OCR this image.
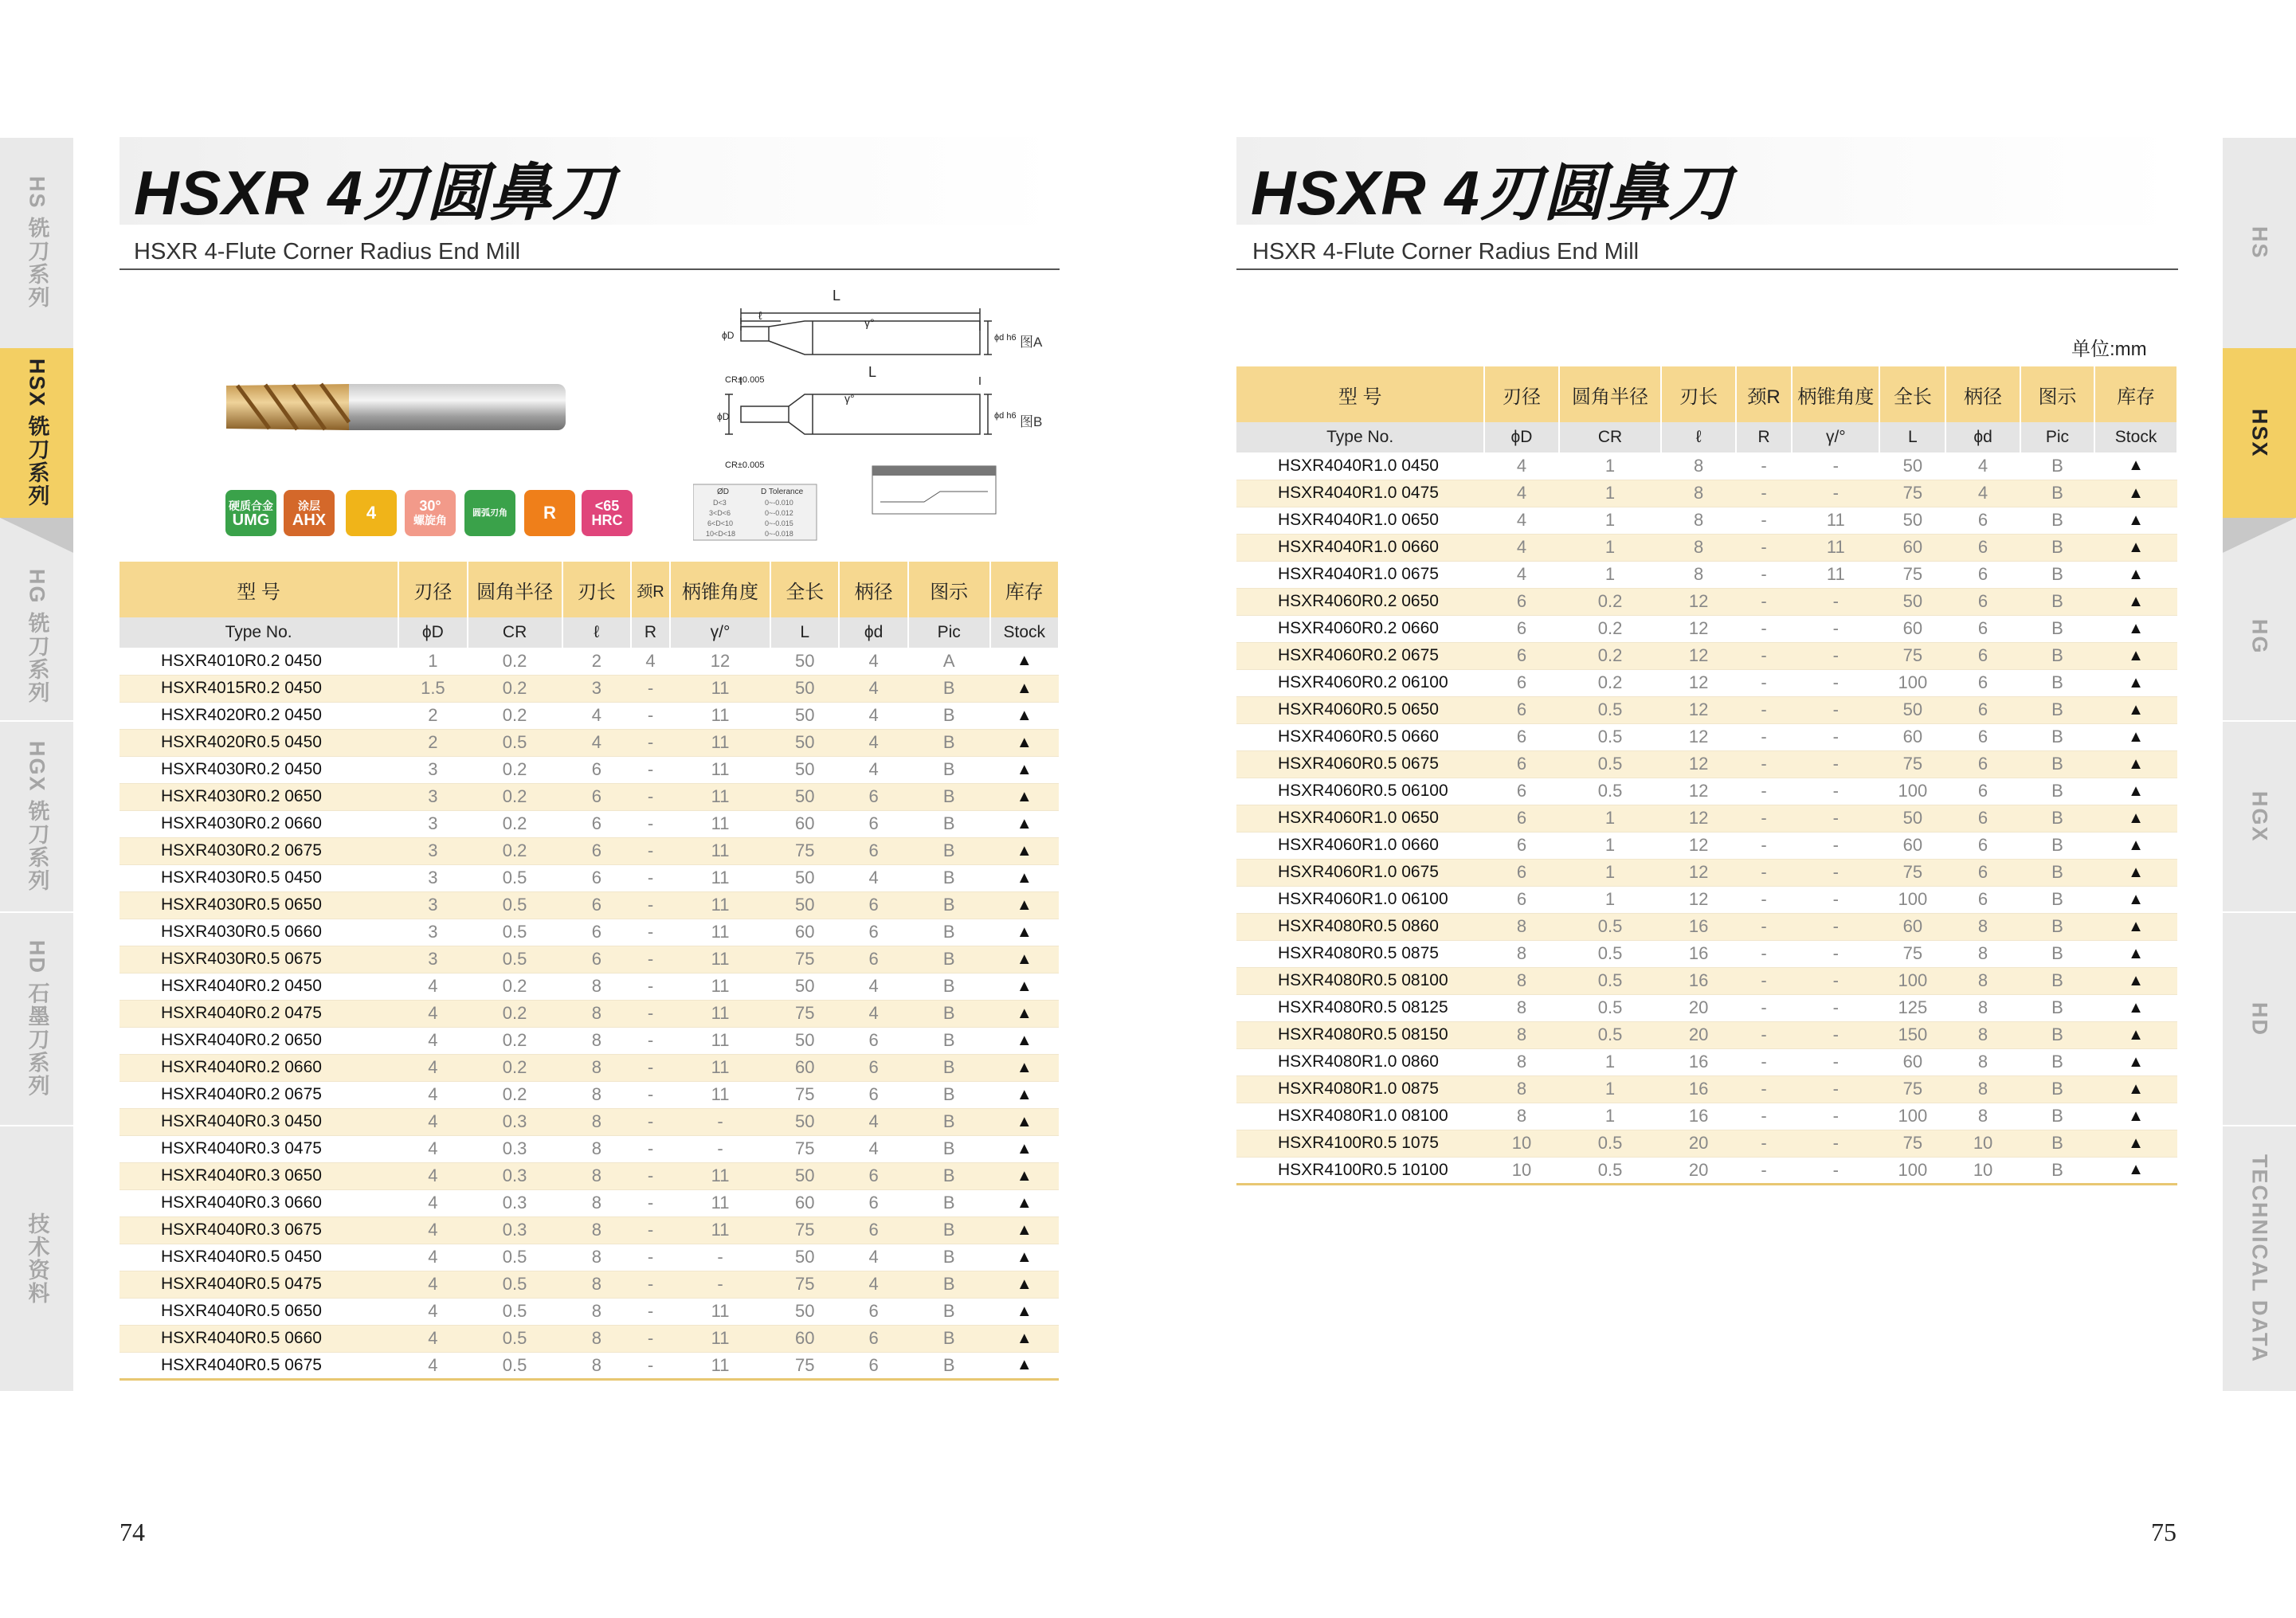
HS 铣刀系列
HSX 铣刀系列
HG 铣刀系列
HGX 铣刀系列
HD 石墨刀系列
技术资料
HS
HSX
HG
HGX
HD
TECHNICAL DATA
HSXR 4刃圆鼻刀
HSXR 4-Flute Corner Radius End Mill
硬质合金
UMG
涂层
AHX 4	30°
螺旋角
圆弧刃角 R	<65
HRC
L
L
ℓ
γ°
γ°
ϕD
ϕD
ϕd h6
ϕd h6
CR±0.005
CR±0.005
图A
图B
ØD	D Tolerance
D<3	0~-0.010
3<D<6	0~-0.012
6<D<10	0~-0.015
10<D<18	0~-0.018
型 号	刃径	圆角半径	刃长	颈R	柄锥角度	全长	柄径	图示	库存
Type No.	ϕD	CR	ℓ	R	γ/°	L	ϕd	Pic	Stock
HSXR4010R0.2 0450	1	0.2	2	4	12	50	4	A	▲
HSXR4015R0.2 0450	1.5	0.2	3	-	11	50	4	B	▲
HSXR4020R0.2 0450	2	0.2	4	-	11	50	4	B	▲
HSXR4020R0.5 0450	2	0.5	4	-	11	50	4	B	▲
HSXR4030R0.2 0450	3	0.2	6	-	11	50	4	B	▲
HSXR4030R0.2 0650	3	0.2	6	-	11	50	6	B	▲
HSXR4030R0.2 0660	3	0.2	6	-	11	60	6	B	▲
HSXR4030R0.2 0675	3	0.2	6	-	11	75	6	B	▲
HSXR4030R0.5 0450	3	0.5	6	-	11	50	4	B	▲
HSXR4030R0.5 0650	3	0.5	6	-	11	50	6	B	▲
HSXR4030R0.5 0660	3	0.5	6	-	11	60	6	B	▲
HSXR4030R0.5 0675	3	0.5	6	-	11	75	6	B	▲
HSXR4040R0.2 0450	4	0.2	8	-	11	50	4	B	▲
HSXR4040R0.2 0475	4	0.2	8	-	11	75	4	B	▲
HSXR4040R0.2 0650	4	0.2	8	-	11	50	6	B	▲
HSXR4040R0.2 0660	4	0.2	8	-	11	60	6	B	▲
HSXR4040R0.2 0675	4	0.2	8	-	11	75	6	B	▲
HSXR4040R0.3 0450	4	0.3	8	-	-	50	4	B	▲
HSXR4040R0.3 0475	4	0.3	8	-	-	75	4	B	▲
HSXR4040R0.3 0650	4	0.3	8	-	11	50	6	B	▲
HSXR4040R0.3 0660	4	0.3	8	-	11	60	6	B	▲
HSXR4040R0.3 0675	4	0.3	8	-	11	75	6	B	▲
HSXR4040R0.5 0450	4	0.5	8	-	-	50	4	B	▲
HSXR4040R0.5 0475	4	0.5	8	-	-	75	4	B	▲
HSXR4040R0.5 0650	4	0.5	8	-	11	50	6	B	▲
HSXR4040R0.5 0660	4	0.5	8	-	11	60	6	B	▲
HSXR4040R0.5 0675	4	0.5	8	-	11	75	6	B	▲
74
HSXR 4刃圆鼻刀
HSXR 4-Flute Corner Radius End Mill
单位:mm
型 号	刃径	圆角半径	刃长	颈R	柄锥角度	全长	柄径	图示	库存
Type No.	ϕD	CR	ℓ	R	γ/°	L	ϕd	Pic	Stock
HSXR4040R1.0 0450	4	1	8	-	-	50	4	B	▲
HSXR4040R1.0 0475	4	1	8	-	-	75	4	B	▲
HSXR4040R1.0 0650	4	1	8	-	11	50	6	B	▲
HSXR4040R1.0 0660	4	1	8	-	11	60	6	B	▲
HSXR4040R1.0 0675	4	1	8	-	11	75	6	B	▲
HSXR4060R0.2 0650	6	0.2	12	-	-	50	6	B	▲
HSXR4060R0.2 0660	6	0.2	12	-	-	60	6	B	▲
HSXR4060R0.2 0675	6	0.2	12	-	-	75	6	B	▲
HSXR4060R0.2 06100	6	0.2	12	-	-	100	6	B	▲
HSXR4060R0.5 0650	6	0.5	12	-	-	50	6	B	▲
HSXR4060R0.5 0660	6	0.5	12	-	-	60	6	B	▲
HSXR4060R0.5 0675	6	0.5	12	-	-	75	6	B	▲
HSXR4060R0.5 06100	6	0.5	12	-	-	100	6	B	▲
HSXR4060R1.0 0650	6	1	12	-	-	50	6	B	▲
HSXR4060R1.0 0660	6	1	12	-	-	60	6	B	▲
HSXR4060R1.0 0675	6	1	12	-	-	75	6	B	▲
HSXR4060R1.0 06100	6	1	12	-	-	100	6	B	▲
HSXR4080R0.5 0860	8	0.5	16	-	-	60	8	B	▲
HSXR4080R0.5 0875	8	0.5	16	-	-	75	8	B	▲
HSXR4080R0.5 08100	8	0.5	16	-	-	100	8	B	▲
HSXR4080R0.5 08125	8	0.5	20	-	-	125	8	B	▲
HSXR4080R0.5 08150	8	0.5	20	-	-	150	8	B	▲
HSXR4080R1.0 0860	8	1	16	-	-	60	8	B	▲
HSXR4080R1.0 0875	8	1	16	-	-	75	8	B	▲
HSXR4080R1.0 08100	8	1	16	-	-	100	8	B	▲
HSXR4100R0.5 1075	10	0.5	20	-	-	75	10	B	▲
HSXR4100R0.5 10100	10	0.5	20	-	-	100	10	B	▲
75
